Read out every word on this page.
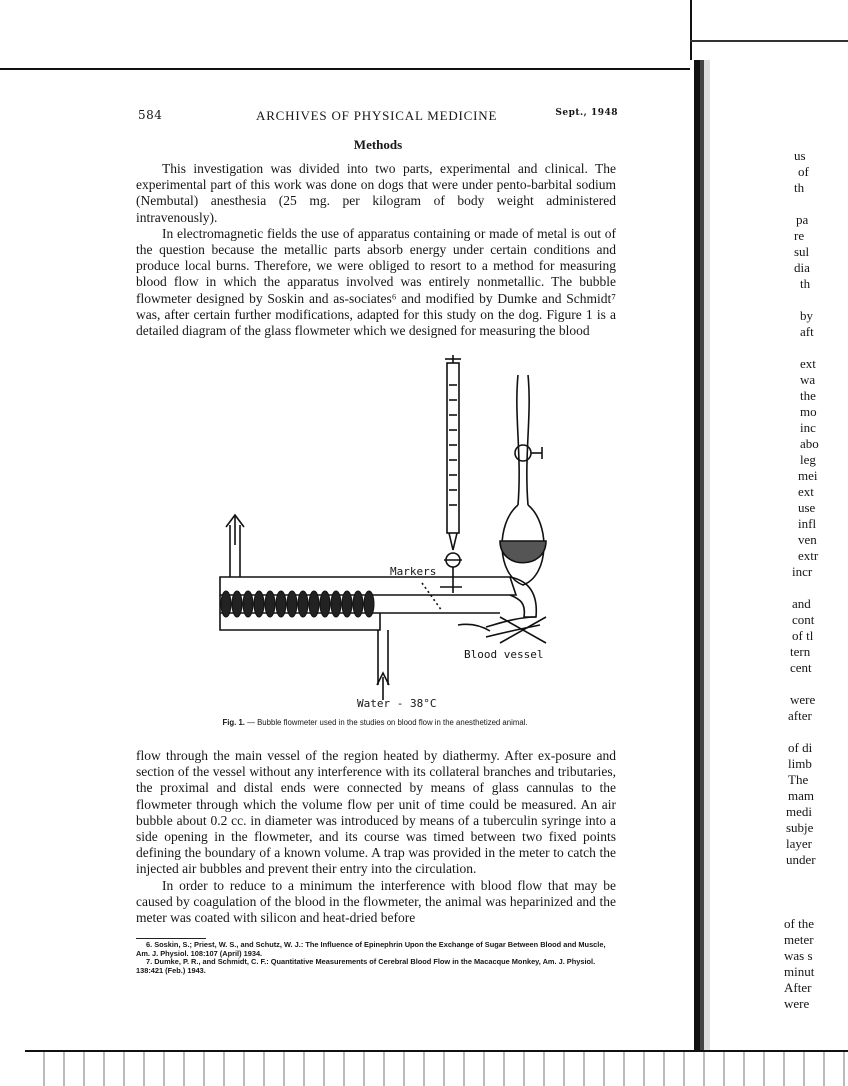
584	ARCHIVES OF PHYSICAL MEDICINE	Sept., 1948
Methods

This investigation was divided into two parts, experimental and clinical. The experimental part of this work was done on dogs that were under pento-barbital sodium (Nembutal) anesthesia (25 mg. per kilogram of body weight administered intravenously).

In electromagnetic fields the use of apparatus containing or made of metal is out of the question because the metallic parts absorb energy under certain conditions and produce local burns. Therefore, we were obliged to resort to a method for measuring blood flow in which the apparatus involved was entirely nonmetallic. The bubble flowmeter designed by Soskin and as-sociates⁶ and modified by Dumke and Schmidt⁷ was, after certain further modifications, adapted for this study on the dog. Figure 1 is a detailed diagram of the glass flowmeter which we designed for measuring the blood

Markers
Blood vessel
Water - 38°C
Fig. 1. — Bubble flowmeter used in the studies on blood flow in the anesthetized animal.

flow through the main vessel of the region heated by diathermy. After ex-posure and section of the vessel without any interference with its collateral branches and tributaries, the proximal and distal ends were connected by means of glass cannulas to the flowmeter through which the volume flow per unit of time could be measured. An air bubble about 0.2 cc. in diameter was introduced by means of a tuberculin syringe into a side opening in the flowmeter, and its course was timed between two fixed points defining the boundary of a known volume. A trap was provided in the meter to catch the injected air bubbles and prevent their entry into the circulation.

In order to reduce to a minimum the interference with blood flow that may be caused by coagulation of the blood in the flowmeter, the animal was heparinized and the meter was coated with silicon and heat-dried before

6. Soskin, S.; Priest, W. S., and Schutz, W. J.: The Influence of Epinephrin Upon the Exchange of Sugar Between Blood and Muscle, Am. J. Physiol. 108:107 (April) 1934.

7. Dumke, P. R., and Schmidt, C. F.: Quantitative Measurements of Cerebral Blood Flow in the Macacque Monkey, Am. J. Physiol. 138:421 (Feb.) 1943.

us
of
th
pa
re
sul
dia
th
by
aft
ext
wa
the
mo
inc
abo
leg
mei
ext
use
infl
ven
extr
incr
and
cont
of tl
tern
cent
were
after
of di
limb
The
mam
medi
subje
layer
under
of the
meter
was s
minut
After
were
